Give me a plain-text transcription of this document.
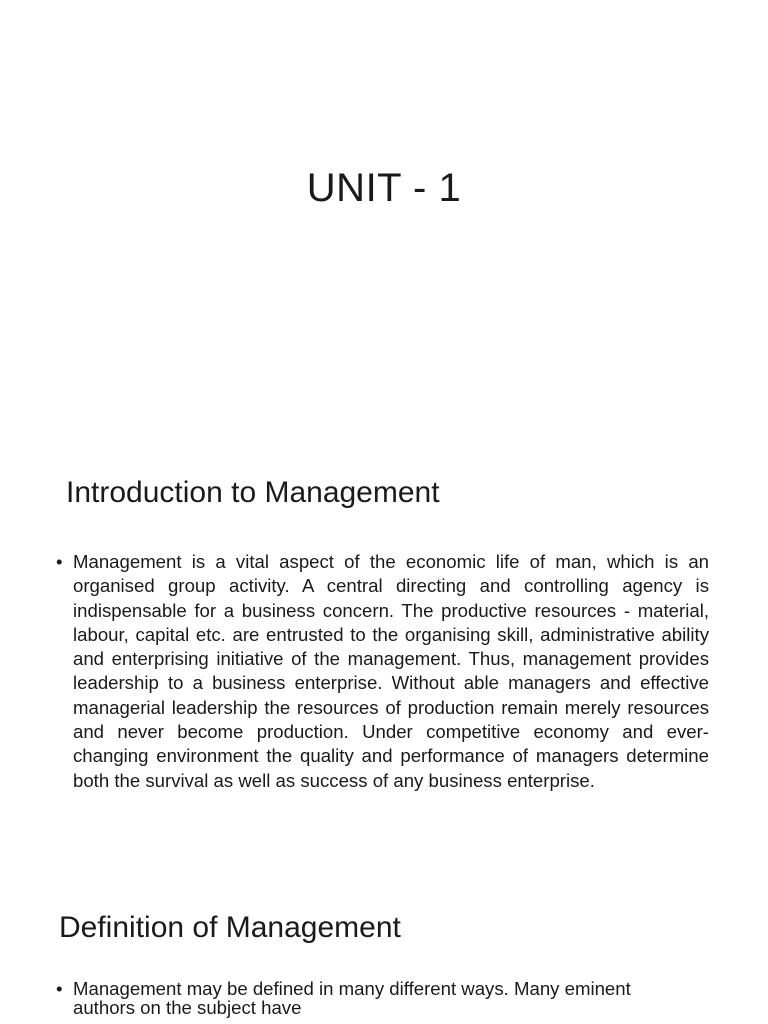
UNIT - 1
Introduction to Management
• Management is a vital aspect of the economic life of man, which is an organised group activity. A central directing and controlling agency is indispensable for a business concern. The productive resources - material, labour, capital etc. are entrusted to the organising skill, administrative ability and enterprising initiative of the management. Thus, management provides leadership to a business enterprise. Without able managers and effective managerial leadership the resources of production remain merely resources and never become production. Under competitive economy and ever-changing environment the quality and performance of managers determine both the survival as well as success of any business enterprise.
Definition of Management
• Management may be defined in many different ways. Many eminent authors on the subject have
